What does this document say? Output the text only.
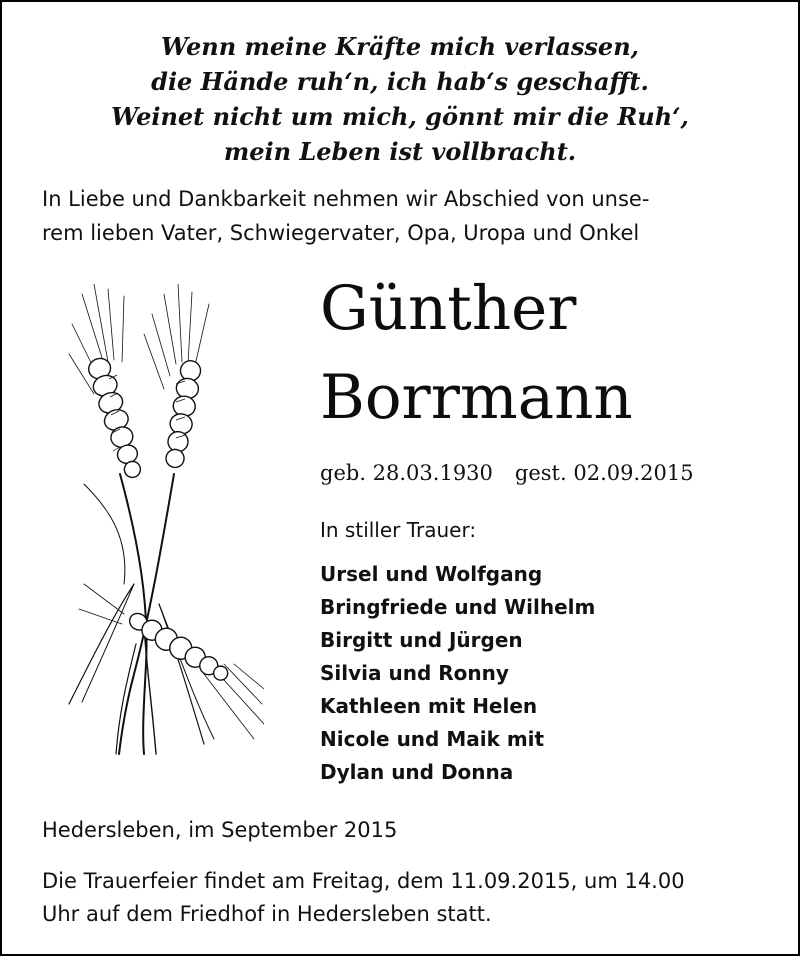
Wenn meine Kräfte mich verlassen,
die Hände ruh‘n, ich hab‘s geschafft.
Weinet nicht um mich, gönnt mir die Ruh‘,
mein Leben ist vollbracht.
In Liebe und Dankbarkeit nehmen wir Abschied von unse-
rem lieben Vater, Schwiegervater, Opa, Uropa und Onkel
Günther
Borrmann
geb. 28.03.1930 gest. 02.09.2015
In stiller Trauer:
Ursel und Wolfgang
Bringfriede und Wilhelm
Birgitt und Jürgen
Silvia und Ronny
Kathleen mit Helen
Nicole und Maik mit
Dylan und Donna
Hedersleben, im September 2015
Die Trauerfeier findet am Freitag, dem 11.09.2015, um 14.00
Uhr auf dem Friedhof in Hedersleben statt.
